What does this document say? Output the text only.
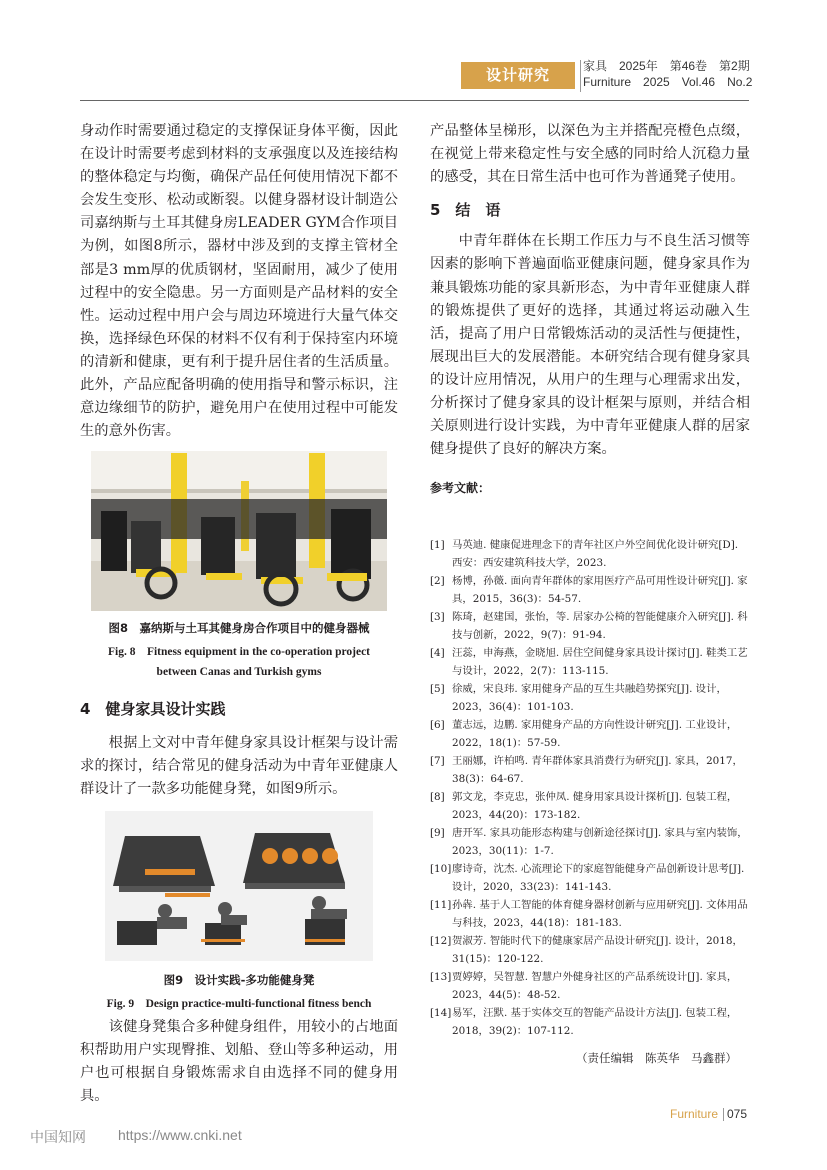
设计研究	家具　2025年　第46卷　第2期
Furniture　2025　Vol.46　No.2

身动作时需要通过稳定的支撑保证身体平衡，因此在设计时需要考虑到材料的支承强度以及连接结构的整体稳定与均衡，确保产品任何使用情况下都不会发生变形、松动或断裂。以健身器材设计制造公司嘉纳斯与土耳其健身房LEADER GYM合作项目为例，如图8所示，器材中涉及到的支撑主管材全部是3 mm厚的优质钢材，坚固耐用，减少了使用过程中的安全隐患。另一方面则是产品材料的安全性。运动过程中用户会与周边环境进行大量气体交换，选择绿色环保的材料不仅有利于保持室内环境的清新和健康，更有利于提升居住者的生活质量。此外，产品应配备明确的使用指导和警示标识，注意边缘细节的防护，避免用户在使用过程中可能发生的意外伤害。

图8　嘉纳斯与土耳其健身房合作项目中的健身器械
Fig. 8　Fitness equipment in the co-operation project
between Canas and Turkish gyms
4　健身家具设计实践

根据上文对中青年健身家具设计框架与设计需求的探讨，结合常见的健身活动为中青年亚健康人群设计了一款多功能健身凳，如图9所示。

图9　设计实践-多功能健身凳
Fig. 9　Design practice-multi-functional fitness bench

该健身凳集合多种健身组件，用较小的占地面积帮助用户实现臀推、划船、登山等多种运动，用户也可根据自身锻炼需求自由选择不同的健身用具。

产品整体呈梯形，以深色为主并搭配亮橙色点缀，在视觉上带来稳定性与安全感的同时给人沉稳力量的感受，其在日常生活中也可作为普通凳子使用。

5　结　语

中青年群体在长期工作压力与不良生活习惯等因素的影响下普遍面临亚健康问题，健身家具作为兼具锻炼功能的家具新形态，为中青年亚健康人群的锻炼提供了更好的选择，其通过将运动融入生活，提高了用户日常锻炼活动的灵活性与便捷性，展现出巨大的发展潜能。本研究结合现有健身家具的设计应用情况，从用户的生理与心理需求出发，分析探讨了健身家具的设计框架与原则，并结合相关原则进行设计实践，为中青年亚健康人群的居家健身提供了良好的解决方案。

参考文献：
[1] 马英迪. 健康促进理念下的青年社区户外空间优化设计研究[D]. 西安：西安建筑科技大学，2023.
[2] 杨博，孙薇. 面向青年群体的家用医疗产品可用性设计研究[J]. 家具，2015，36(3)：54-57.
[3] 陈琦，赵建国，张怡，等. 居家办公椅的智能健康介入研究[J]. 科技与创新，2022，9(7)：91-94.
[4] 汪蕊，申海燕，金晓旭. 居住空间健身家具设计探讨[J]. 鞋类工艺与设计，2022，2(7)：113-115.
[5] 徐威，宋良玮. 家用健身产品的互生共融趋势探究[J]. 设计，2023，36(4)：101-103.
[6] 董志远，边鹏. 家用健身产品的方向性设计研究[J]. 工业设计，2022，18(1)：57-59.
[7] 王丽娜，许柏鸣. 青年群体家具消费行为研究[J]. 家具，2017，38(3)：64-67.
[8] 郭文龙，李克忠，张仲凤. 健身用家具设计探析[J]. 包装工程，2023，44(20)：173-182.
[9] 唐开军. 家具功能形态构建与创新途径探讨[J]. 家具与室内装饰，2023，30(11)：1-7.
[10] 廖诗奇，沈杰. 心流理论下的家庭智能健身产品创新设计思考[J]. 设计，2020，33(23)：141-143.
[11] 孙犇. 基于人工智能的体育健身器材创新与应用研究[J]. 文体用品与科技，2023，44(18)：181-183.
[12] 贺淑芳. 智能时代下的健康家居产品设计研究[J]. 设计，2018，31(15)：120-122.
[13] 贾婷婷，吴智慧. 智慧户外健身社区的产品系统设计[J]. 家具，2023，44(5)：48-52.
[14] 易军，汪默. 基于实体交互的智能产品设计方法[J]. 包装工程，2018，39(2)：107-112.
（责任编辑　陈英华　马鑫群）
Furniture 075
中国知网 https://www.cnki.net
